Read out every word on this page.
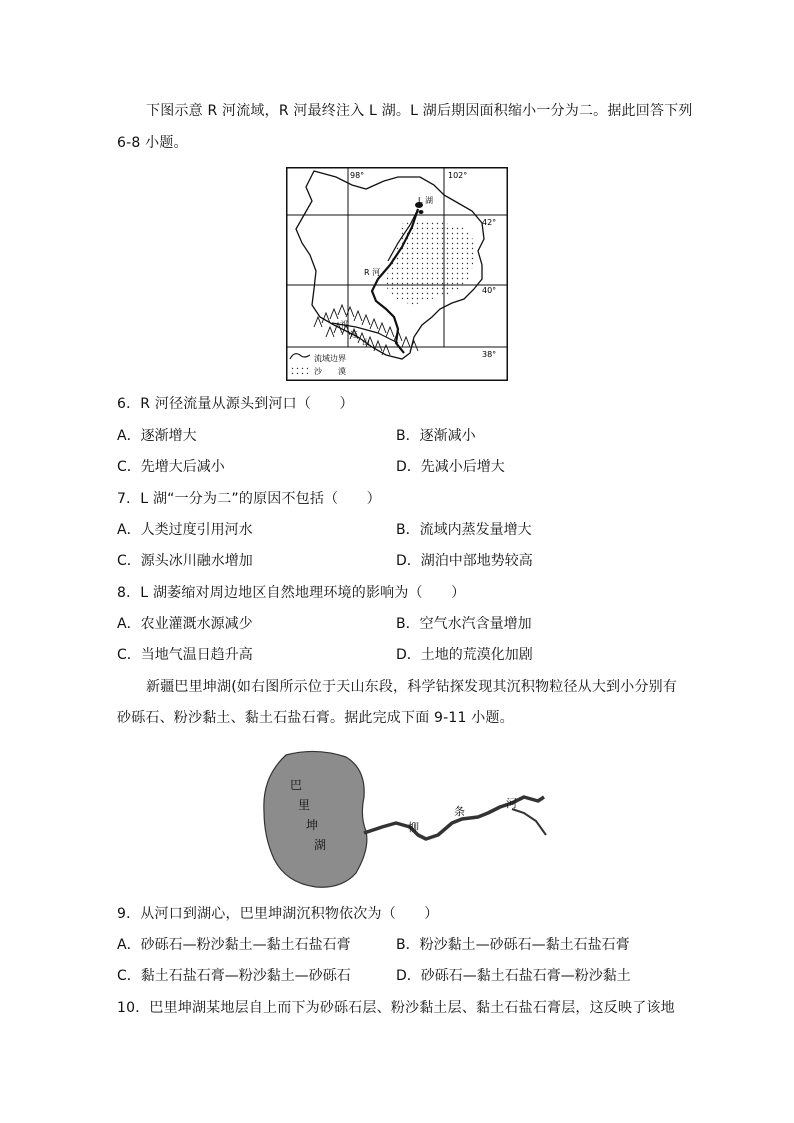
下图示意 R 河流域，R 河最终注入 L 湖。L 湖后期因面积缩小一分为二。据此回答下列
6-8 小题。
98°	102°
42°
40°
38°
L 湖
R 河
祁
连
山
流域边界
沙　　漠
6．R 河径流量从源头到河口（　　）
A．逐渐增大	B．逐渐减小
C．先增大后减小	D．先减小后增大
7．L 湖“一分为二”的原因不包括（　　）
A．人类过度引用河水	B．流域内蒸发量增大
C．源头冰川融水增加	D．湖泊中部地势较高
8．L 湖萎缩对周边地区自然地理环境的影响为（　　）
A．农业灌溉水源减少	B．空气水汽含量增加
C．当地气温日趋升高	D．土地的荒漠化加剧
新疆巴里坤湖(如右图所示位于天山东段，科学钻探发现其沉积物粒径从大到小分别有
砂砾石、粉沙黏土、黏土石盐石膏。据此完成下面 9-11 小题。
巴
里
坤
湖
柳
条
河
9．从河口到湖心，巴里坤湖沉积物依次为（　　）
A．砂砾石—粉沙黏土—黏土石盐石膏	B．粉沙黏土—砂砾石—黏土石盐石膏
C．黏土石盐石膏—粉沙黏土—砂砾石	D．砂砾石—黏土石盐石膏—粉沙黏土
10．巴里坤湖某地层自上而下为砂砾石层、粉沙黏土层、黏土石盐石膏层，这反映了该地
